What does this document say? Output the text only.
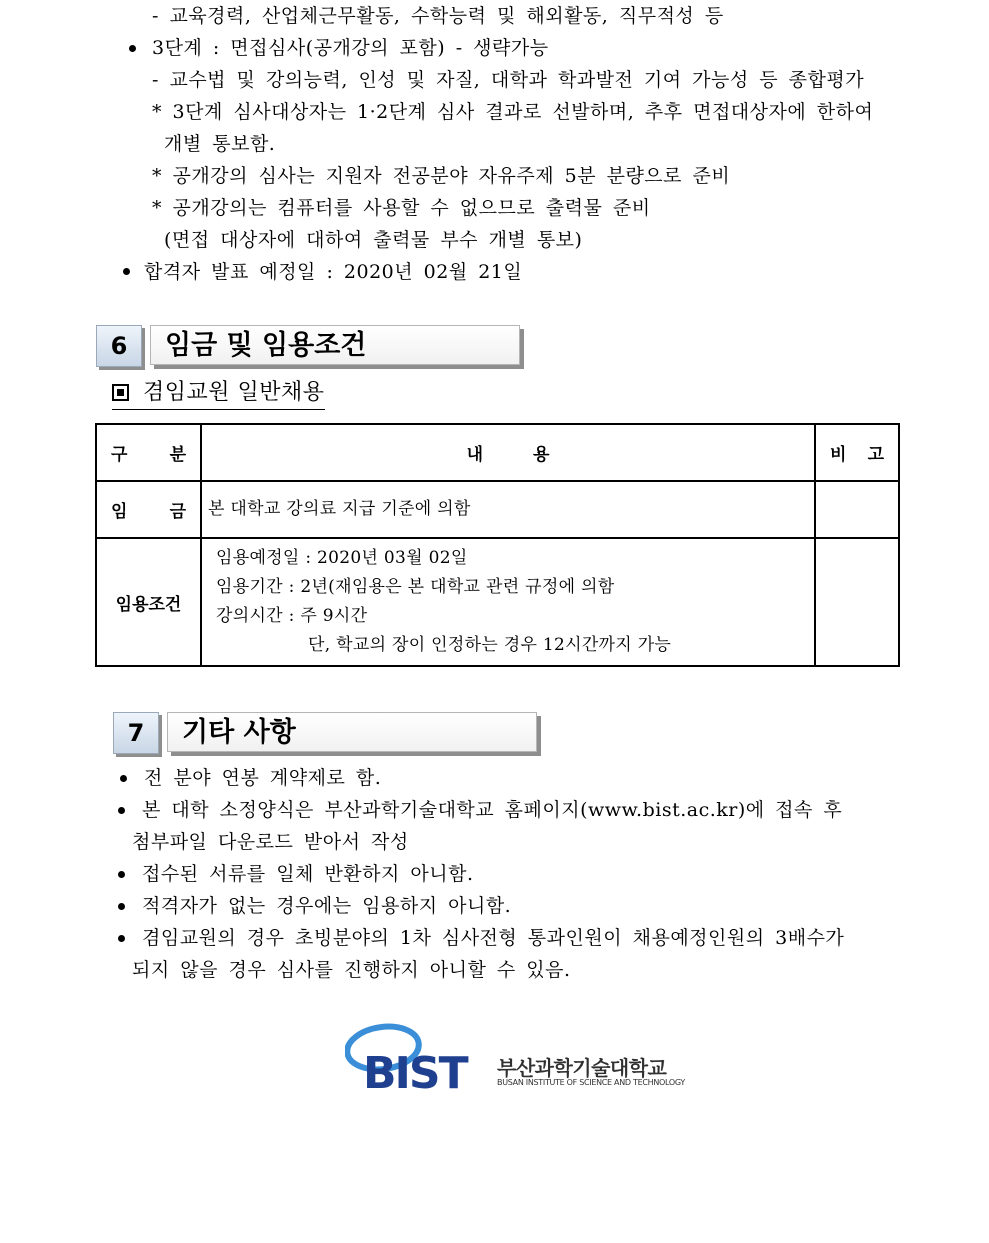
- 교육경력, 산업체근무활동, 수학능력 및 해외활동, 직무적성 등
3단계 : 면접심사(공개강의 포함) - 생략가능
- 교수법 및 강의능력, 인성 및 자질, 대학과 학과발전 기여 가능성 등 종합평가
* 3단계 심사대상자는 1·2단계 심사 결과로 선발하며, 추후 면접대상자에 한하여
개별 통보함.
* 공개강의 심사는 지원자 전공분야 자유주제 5분 분량으로 준비
* 공개강의는 컴퓨터를 사용할 수 없으므로 출력물 준비
(면접 대상자에 대하여 출력물 부수 개별 통보)
합격자 발표 예정일 : 2020년 02월 21일
6	임금 및 임용조건
겸임교원 일반채용
구 분	내 용	비 고

임 금	본 대학교 강의료 지급 기준에 의함	
임용조건	임용예정일 : 2020년 03월 02일
임용기간 : 2년(재임용은 본 대학교 관련 규정에 의함
강의시간 : 주 9시간
단, 학교의 장이 인정하는 경우 12시간까지 가능	

7	기타 사항
전 분야 연봉 계약제로 함.
본 대학 소정양식은 부산과학기술대학교 홈페이지(www.bist.ac.kr)에 접속 후
첨부파일 다운로드 받아서 작성
접수된 서류를 일체 반환하지 아니함.
적격자가 없는 경우에는 임용하지 아니함.
겸임교원의 경우 초빙분야의 1차 심사전형 통과인원이 채용예정인원의 3배수가
되지 않을 경우 심사를 진행하지 아니할 수 있음.
BIST 부산과학기술대학교
BUSAN INSTITUTE OF SCIENCE AND TECHNOLOGY
